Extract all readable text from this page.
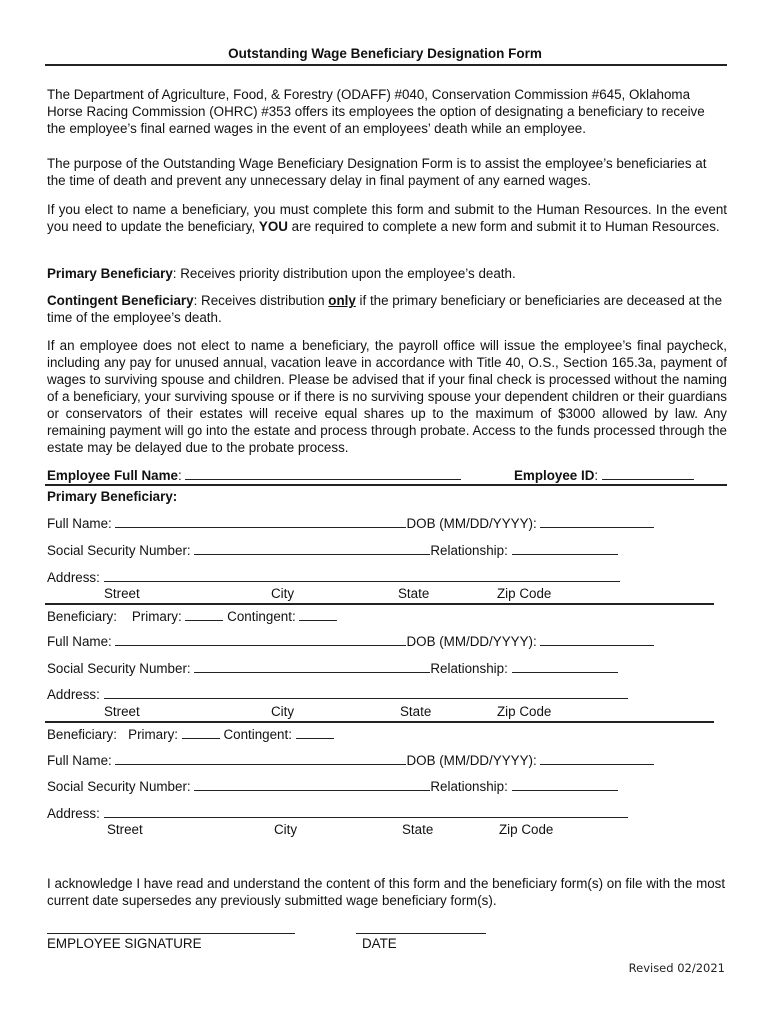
Outstanding Wage Beneficiary Designation Form
The Department of Agriculture, Food, & Forestry (ODAFF) #040, Conservation Commission #645, Oklahoma Horse Racing Commission (OHRC) #353 offers its employees the option of designating a beneficiary to receive the employee’s final earned wages in the event of an employees’ death while an employee.
The purpose of the Outstanding Wage Beneficiary Designation Form is to assist the employee’s beneficiaries at the time of death and prevent any unnecessary delay in final payment of any earned wages.
If you elect to name a beneficiary, you must complete this form and submit to the Human Resources. In the event you need to update the beneficiary, YOU are required to complete a new form and submit it to Human Resources.
Primary Beneficiary: Receives priority distribution upon the employee’s death.
Contingent Beneficiary: Receives distribution only if the primary beneficiary or beneficiaries are deceased at the time of the employee’s death.
If an employee does not elect to name a beneficiary, the payroll office will issue the employee’s final paycheck, including any pay for unused annual, vacation leave in accordance with Title 40, O.S., Section 165.3a, payment of wages to surviving spouse and children. Please be advised that if your final check is processed without the naming of a beneficiary, your surviving spouse or if there is no surviving spouse your dependent children or their guardians or conservators of their estates will receive equal shares up to the maximum of $3000 allowed by law. Any remaining payment will go into the estate and process through probate. Access to the funds processed through the estate may be delayed due to the probate process.
Employee Full Name:	Employee ID:
Primary Beneficiary:
Full Name:	DOB (MM/DD/YYYY):
Social Security Number:	Relationship:
Address:
Street	City	State	Zip Code
Beneficiary: Primary:	Contingent:
Full Name:	DOB (MM/DD/YYYY):
Social Security Number:	Relationship:
Address:
Street	City	State	Zip Code
Beneficiary: Primary:	Contingent:
Full Name:	DOB (MM/DD/YYYY):
Social Security Number:	Relationship:
Address:
Street	City	State	Zip Code
I acknowledge I have read and understand the content of this form and the beneficiary form(s) on file with the most current date supersedes any previously submitted wage beneficiary form(s).
EMPLOYEE SIGNATURE	DATE
Revised 02/2021
